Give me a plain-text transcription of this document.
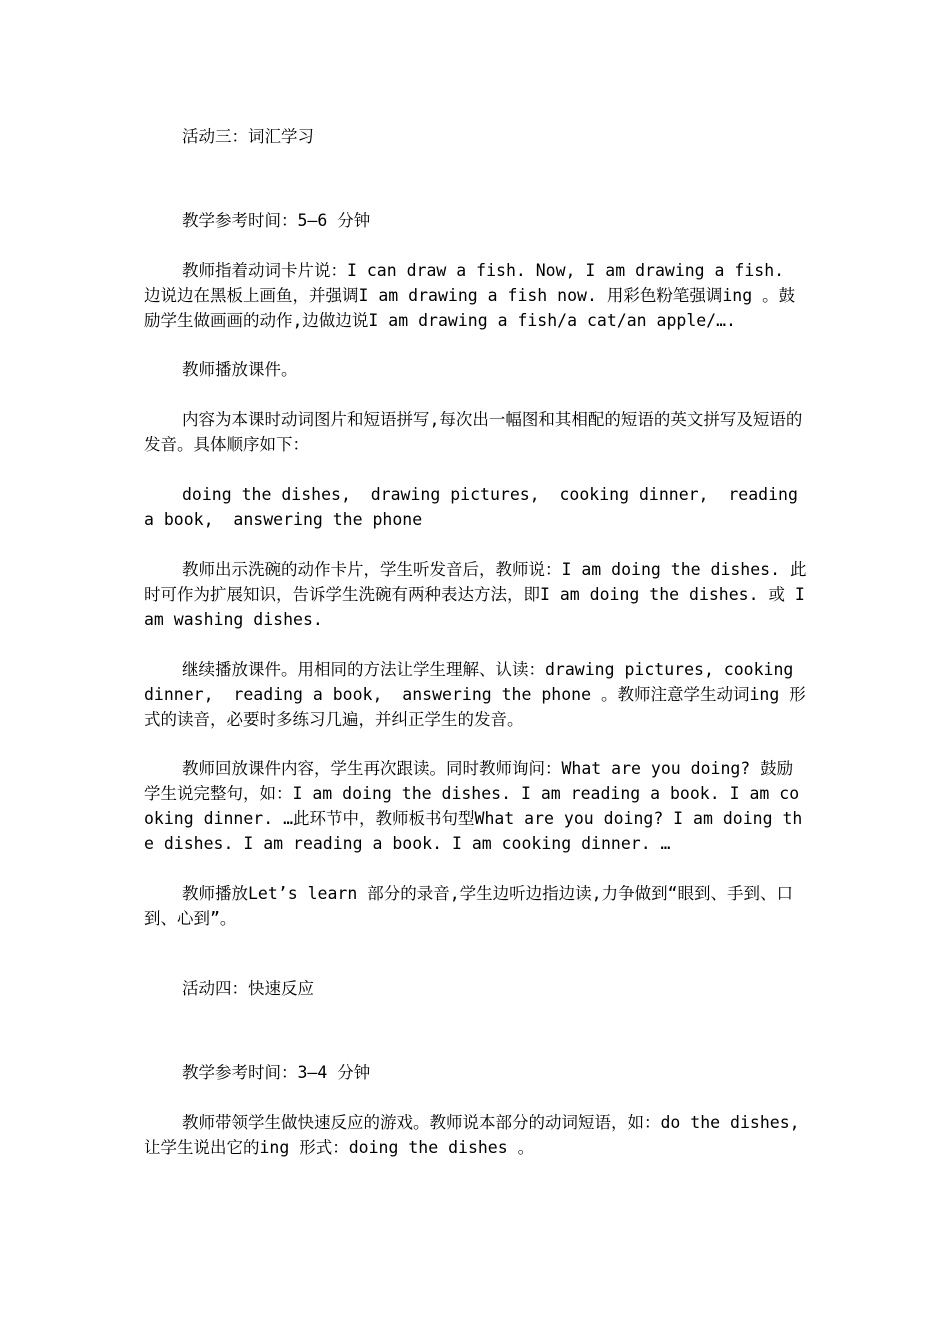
活动三：词汇学习

教学参考时间：5—6 分钟

教师指着动词卡片说：I can draw a fish. Now, I am drawing a fish. 边说边在黑板上画鱼，并强调I am drawing a fish now. 用彩色粉笔强调ing 。鼓励学生做画画的动作,边做边说I am drawing a fish/a cat/an apple/….

教师播放课件。

内容为本课时动词图片和短语拼写,每次出一幅图和其相配的短语的英文拼写及短语的发音。具体顺序如下：

doing the dishes,  drawing pictures,  cooking dinner,  reading a book,  answering the phone

教师出示洗碗的动作卡片，学生听发音后，教师说：I am doing the dishes. 此时可作为扩展知识，告诉学生洗碗有两种表达方法，即I am doing the dishes. 或 I am washing dishes.

继续播放课件。用相同的方法让学生理解、认读：drawing pictures, cooking dinner,  reading a book,  answering the phone 。教师注意学生动词ing 形式的读音，必要时多练习几遍，并纠正学生的发音。

教师回放课件内容，学生再次跟读。同时教师询问：What are you doing? 鼓励学生说完整句，如：I am doing the dishes. I am reading a book. I am cooking dinner. …此环节中，教师板书句型What are you doing? I am doing the dishes. I am reading a book. I am cooking dinner. …

教师播放Let’s learn 部分的录音,学生边听边指边读,力争做到“眼到、手到、口到、心到”。

活动四：快速反应

教学参考时间：3—4 分钟

教师带领学生做快速反应的游戏。教师说本部分的动词短语，如：do the dishes, 让学生说出它的ing 形式：doing the dishes 。
